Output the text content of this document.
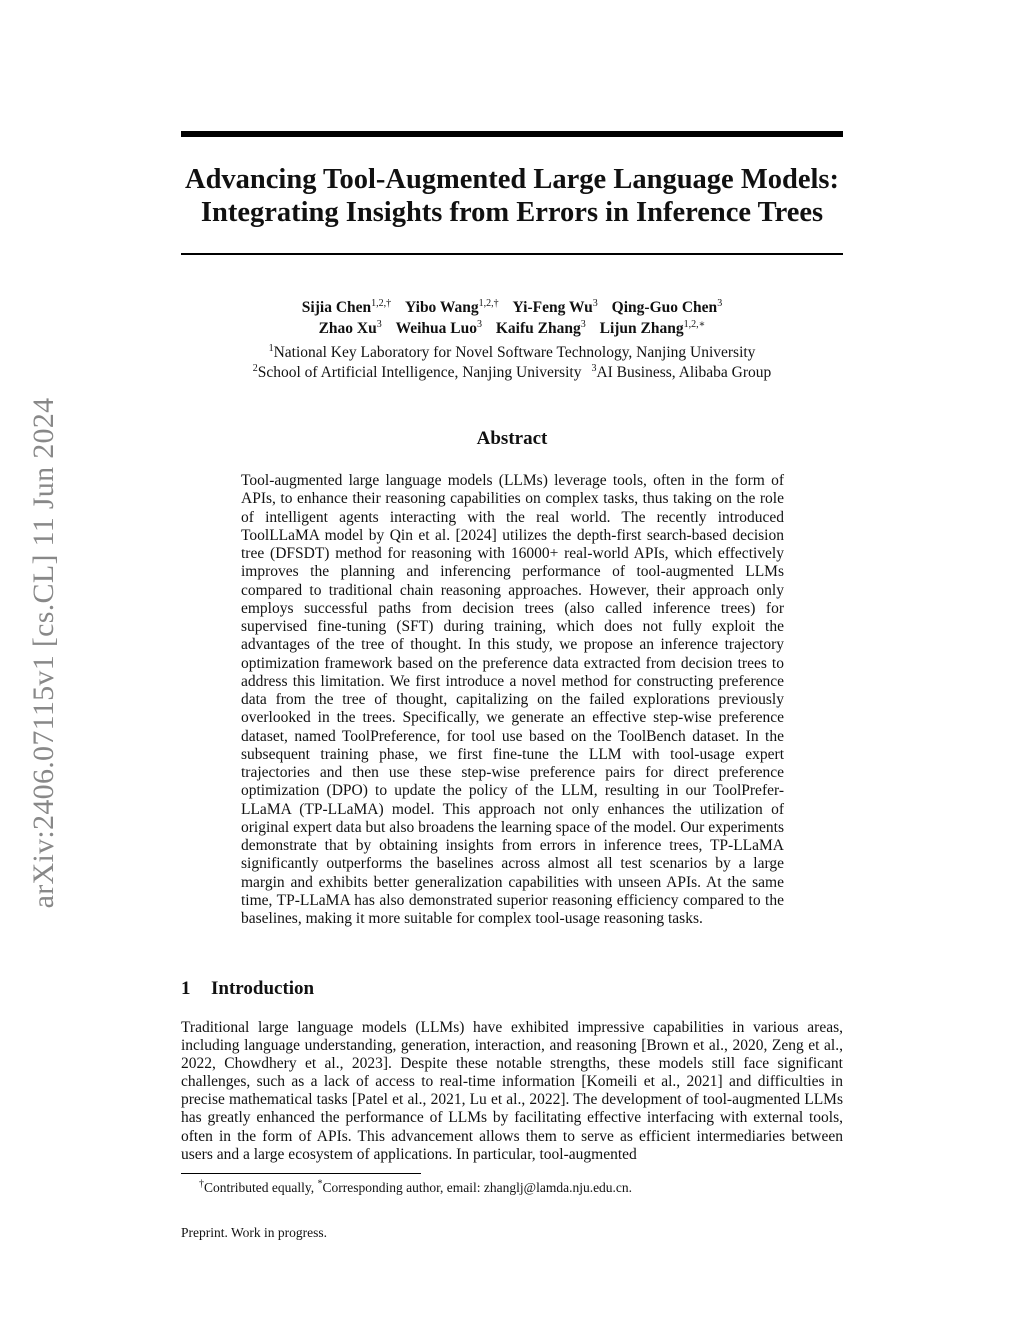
arXiv:2406.07115v1 [cs.CL] 11 Jun 2024
Advancing Tool-Augmented Large Language Models:
Integrating Insights from Errors in Inference Trees
Sijia Chen$^{1,2,\dagger}$ Yibo Wang$^{1,2,\dagger}$ Yi-Feng Wu$^3$ Qing-Guo Chen$^3$
Zhao Xu$^3$ Weihua Luo$^3$ Kaifu Zhang$^3$ Lijun Zhang$^{1,2,∗}$
$^1$National Key Laboratory for Novel Software Technology, Nanjing University
$^2$School of Artificial Intelligence, Nanjing University $^3$AI Business, Alibaba Group
Abstract

Tool-augmented large language models (LLMs) leverage tools, often in the form of APIs, to enhance their reasoning capabilities on complex tasks, thus taking on the role of intelligent agents interacting with the real world. The recently introduced ToolLLaMA model by Qin et al. [2024] utilizes the depth-first search-based decision tree (DFSDT) method for reasoning with 16000+ real-world APIs, which effectively improves the planning and inferencing performance of tool-augmented LLMs compared to traditional chain reasoning approaches. However, their approach only employs successful paths from decision trees (also called inference trees) for supervised fine-tuning (SFT) during training, which does not fully exploit the advantages of the tree of thought. In this study, we propose an inference trajectory optimization framework based on the preference data extracted from decision trees to address this limitation. We first introduce a novel method for constructing preference data from the tree of thought, capitalizing on the failed explorations previously overlooked in the trees. Specifically, we generate an effective step-wise preference dataset, named ToolPreference, for tool use based on the ToolBench dataset. In the subsequent training phase, we first fine-tune the LLM with tool-usage expert trajectories and then use these step-wise preference pairs for direct preference optimization (DPO) to update the policy of the LLM, resulting in our ToolPrefer-LLaMA (TP-LLaMA) model. This approach not only enhances the utilization of original expert data but also broadens the learning space of the model. Our experiments demonstrate that by obtaining insights from errors in inference trees, TP-LLaMA significantly outperforms the baselines across almost all test scenarios by a large margin and exhibits better generalization capabilities with unseen APIs. At the same time, TP-LLaMA has also demonstrated superior reasoning efficiency compared to the baselines, making it more suitable for complex tool-usage reasoning tasks.

1 Introduction

Traditional large language models (LLMs) have exhibited impressive capabilities in various areas, including language understanding, generation, interaction, and reasoning [Brown et al., 2020, Zeng et al., 2022, Chowdhery et al., 2023]. Despite these notable strengths, these models still face significant challenges, such as a lack of access to real-time information [Komeili et al., 2021] and difficulties in precise mathematical tasks [Patel et al., 2021, Lu et al., 2022]. The development of tool-augmented LLMs has greatly enhanced the performance of LLMs by facilitating effective interfacing with external tools, often in the form of APIs. This advancement allows them to serve as efficient intermediaries between users and a large ecosystem of applications. In particular, tool-augmented

†Contributed equally, *Corresponding author, email: zhanglj@lamda.nju.edu.cn.

Preprint. Work in progress.
